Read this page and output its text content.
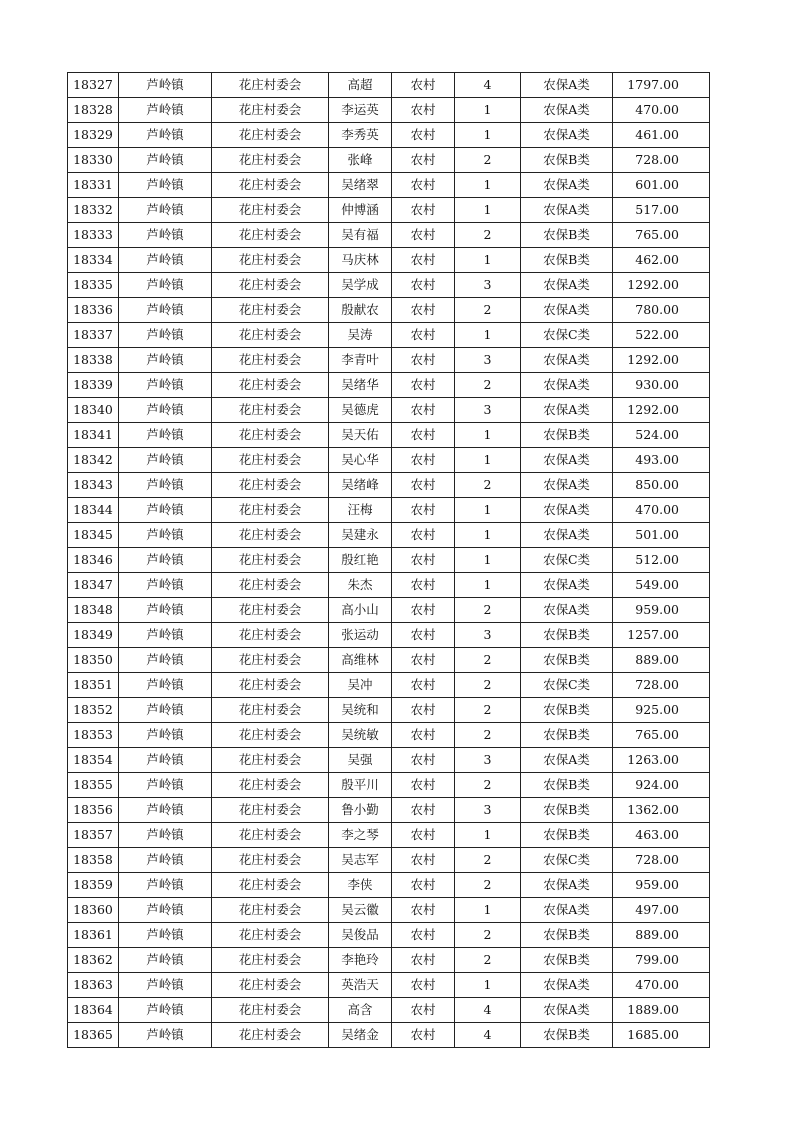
18327	芦岭镇	花庄村委会	高超	农村	4	农保A类	1797.00
18328	芦岭镇	花庄村委会	李运英	农村	1	农保A类	470.00
18329	芦岭镇	花庄村委会	李秀英	农村	1	农保A类	461.00
18330	芦岭镇	花庄村委会	张峰	农村	2	农保B类	728.00
18331	芦岭镇	花庄村委会	吴绪翠	农村	1	农保A类	601.00
18332	芦岭镇	花庄村委会	仲博涵	农村	1	农保A类	517.00
18333	芦岭镇	花庄村委会	吴有福	农村	2	农保B类	765.00
18334	芦岭镇	花庄村委会	马庆林	农村	1	农保B类	462.00
18335	芦岭镇	花庄村委会	吴学成	农村	3	农保A类	1292.00
18336	芦岭镇	花庄村委会	殷献农	农村	2	农保A类	780.00
18337	芦岭镇	花庄村委会	吴涛	农村	1	农保C类	522.00
18338	芦岭镇	花庄村委会	李青叶	农村	3	农保A类	1292.00
18339	芦岭镇	花庄村委会	吴绪华	农村	2	农保A类	930.00
18340	芦岭镇	花庄村委会	吴德虎	农村	3	农保A类	1292.00
18341	芦岭镇	花庄村委会	吴天佑	农村	1	农保B类	524.00
18342	芦岭镇	花庄村委会	吴心华	农村	1	农保A类	493.00
18343	芦岭镇	花庄村委会	吴绪峰	农村	2	农保A类	850.00
18344	芦岭镇	花庄村委会	汪梅	农村	1	农保A类	470.00
18345	芦岭镇	花庄村委会	吴建永	农村	1	农保A类	501.00
18346	芦岭镇	花庄村委会	殷红艳	农村	1	农保C类	512.00
18347	芦岭镇	花庄村委会	朱杰	农村	1	农保A类	549.00
18348	芦岭镇	花庄村委会	高小山	农村	2	农保A类	959.00
18349	芦岭镇	花庄村委会	张运动	农村	3	农保B类	1257.00
18350	芦岭镇	花庄村委会	高维林	农村	2	农保B类	889.00
18351	芦岭镇	花庄村委会	吴冲	农村	2	农保C类	728.00
18352	芦岭镇	花庄村委会	吴统和	农村	2	农保B类	925.00
18353	芦岭镇	花庄村委会	吴统敏	农村	2	农保B类	765.00
18354	芦岭镇	花庄村委会	吴强	农村	3	农保A类	1263.00
18355	芦岭镇	花庄村委会	殷平川	农村	2	农保B类	924.00
18356	芦岭镇	花庄村委会	鲁小勤	农村	3	农保B类	1362.00
18357	芦岭镇	花庄村委会	李之琴	农村	1	农保B类	463.00
18358	芦岭镇	花庄村委会	吴志军	农村	2	农保C类	728.00
18359	芦岭镇	花庄村委会	李侠	农村	2	农保A类	959.00
18360	芦岭镇	花庄村委会	吴云徽	农村	1	农保A类	497.00
18361	芦岭镇	花庄村委会	吴俊品	农村	2	农保B类	889.00
18362	芦岭镇	花庄村委会	李艳玲	农村	2	农保B类	799.00
18363	芦岭镇	花庄村委会	英浩天	农村	1	农保A类	470.00
18364	芦岭镇	花庄村委会	高含	农村	4	农保A类	1889.00
18365	芦岭镇	花庄村委会	吴绪金	农村	4	农保B类	1685.00
